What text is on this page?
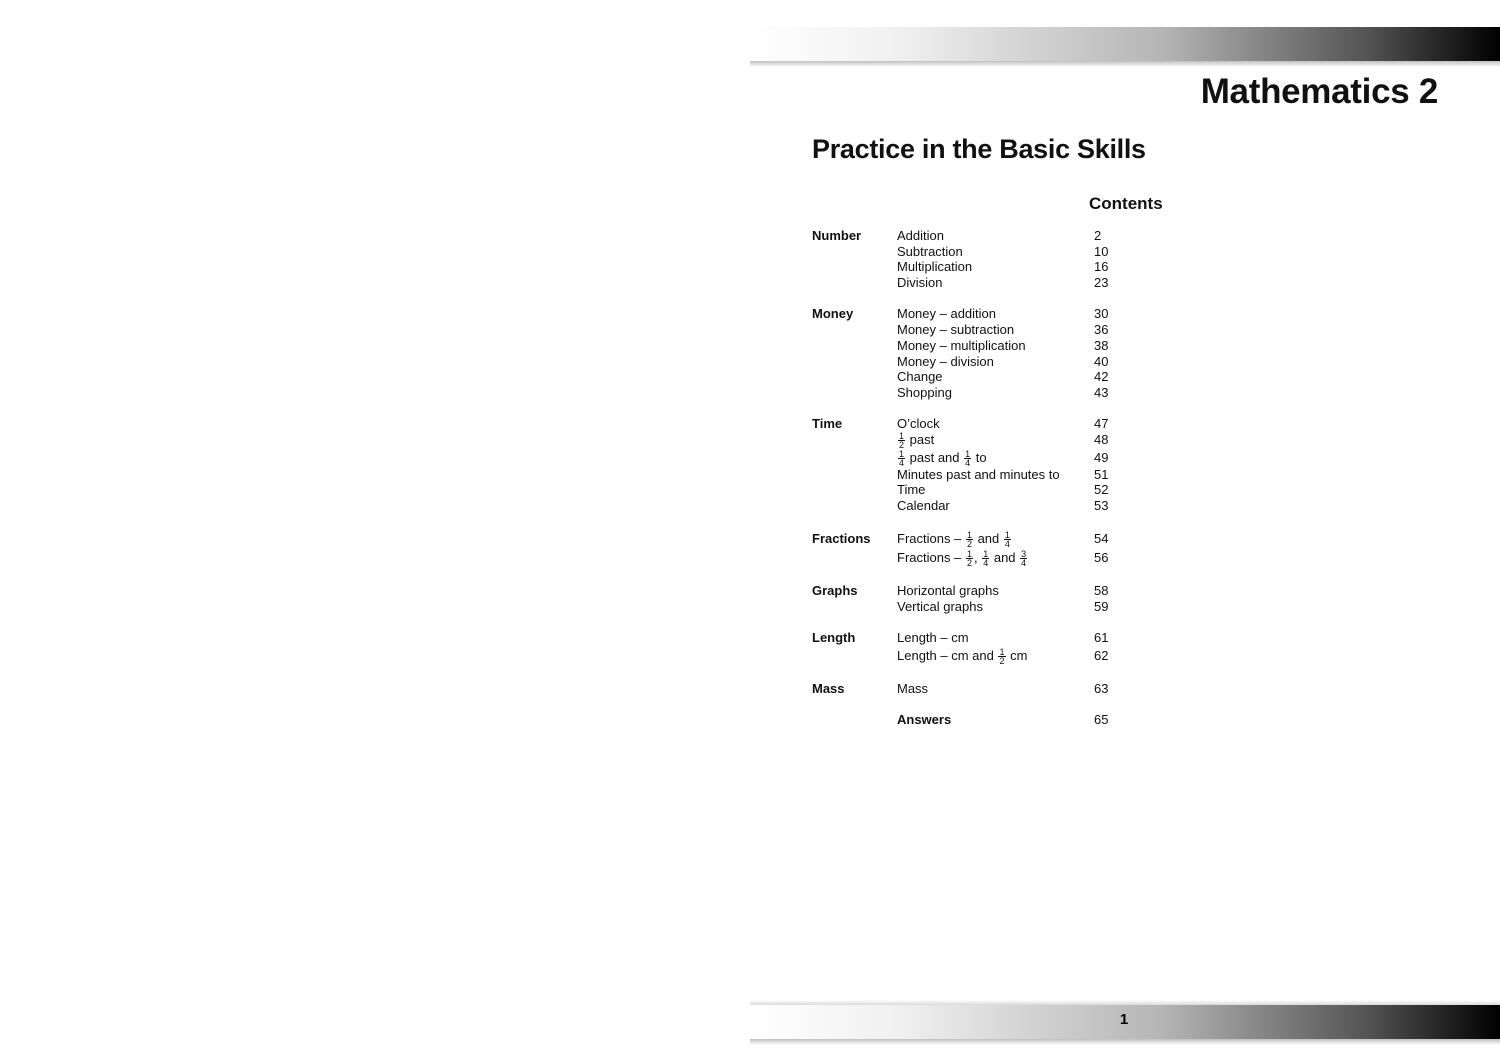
Mathematics 2
Practice in the Basic Skills
Contents
Number	Addition	2
Subtraction	10
Multiplication	16
Division	23
Money	Money – addition	30
Money – subtraction	36
Money – multiplication	38
Money – division	40
Change	42
Shopping	43
Time	O’clock	47
$\frac{1}{2}$ past	48
$\frac{1}{4}$ past and $\frac{1}{4}$ to	49
Minutes past and minutes to	51
Time	52
Calendar	53
Fractions Fractions – $\frac{1}{2}$ and $\frac{1}{4}$	54
Fractions – $\frac{1}{2}$ , $\frac{1}{4}$ and $\frac{3}{4}$	56
Graphs	Horizontal graphs	58
Vertical graphs	59
Length	Length – cm	61
Length – cm and $\frac{1}{2}$ cm	62
Mass	Mass	63
Answers	65
1
